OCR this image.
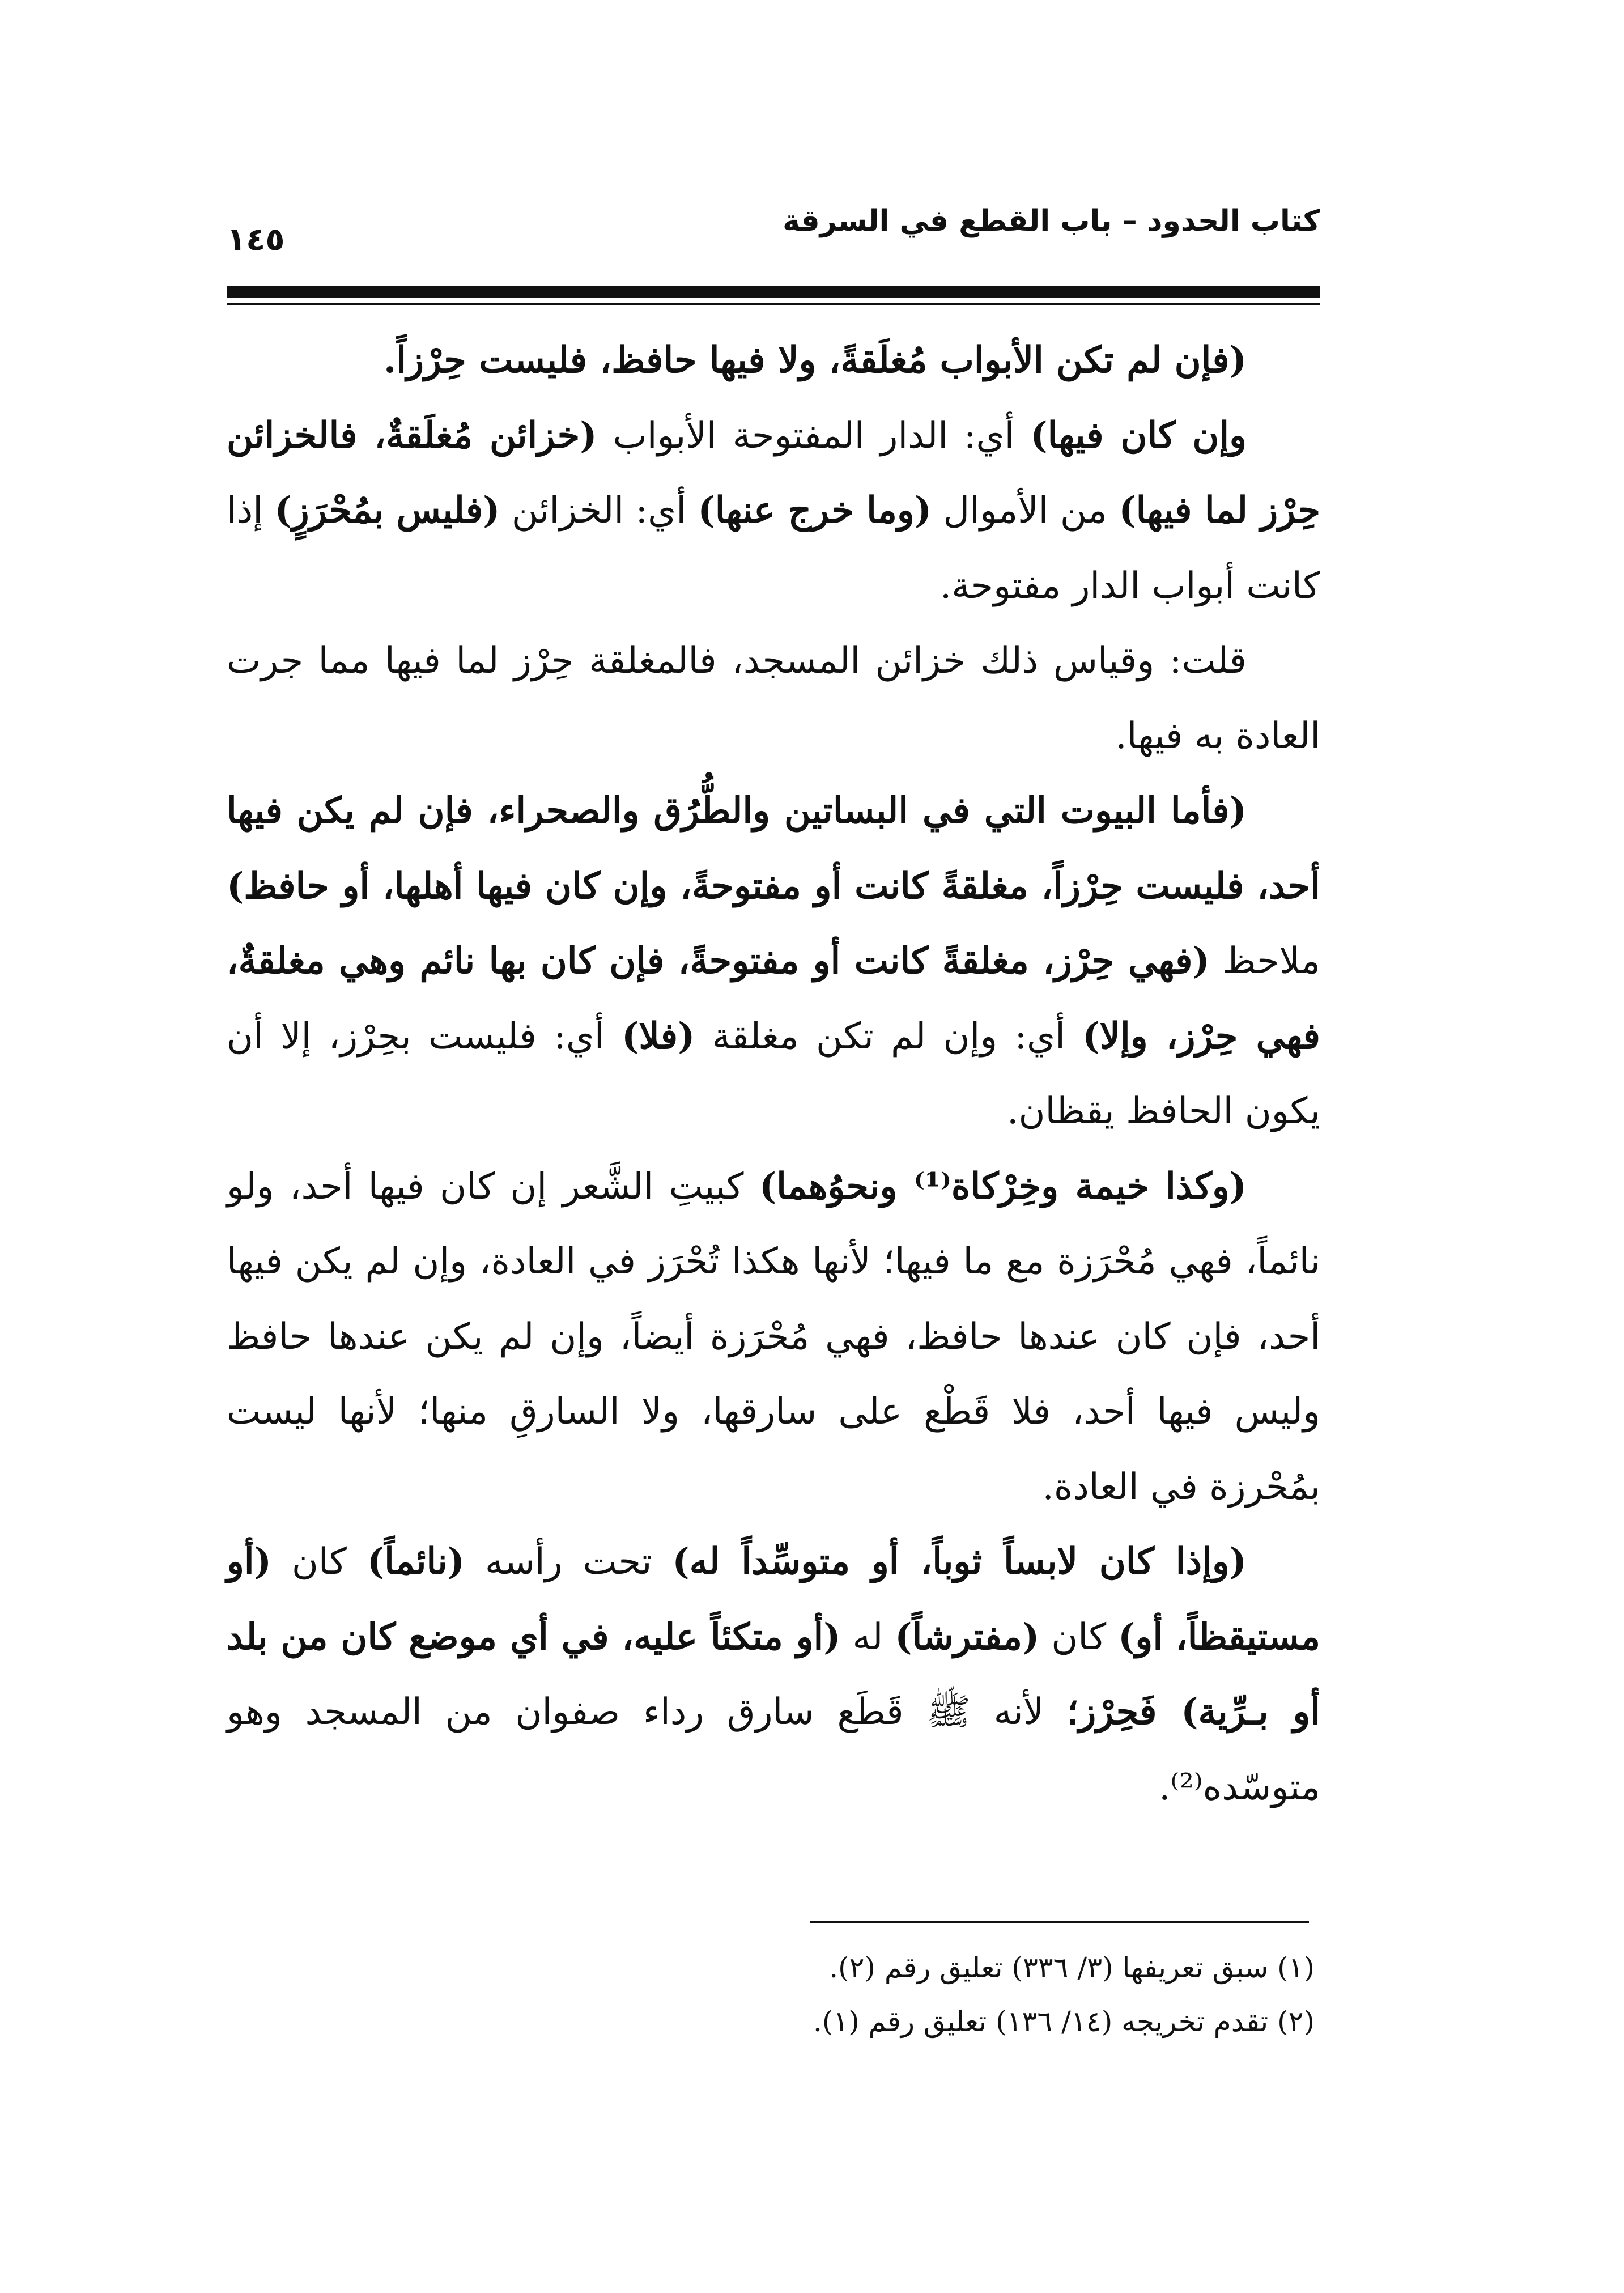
كتاب الحدود – باب القطع في السرقة
١٤٥

(فإن لم تكن الأبواب مُغلَقةً، ولا فيها حافظ، فليست حِرْزاً.

وإن كان فيها) أي: الدار المفتوحة الأبواب (خزائن مُغلَقةٌ، فالخزائن حِرْز لما فيها) من الأموال (وما خرج عنها) أي: الخزائن (فليس بمُحْرَزٍ) إذا كانت أبواب الدار مفتوحة.

قلت: وقياس ذلك خزائن المسجد، فالمغلقة حِرْز لما فيها مما جرت العادة به فيها.

(فأما البيوت التي في البساتين والطُّرُق والصحراء، فإن لم يكن فيها أحد، فليست حِرْزاً، مغلقةً كانت أو مفتوحةً، وإن كان فيها أهلها، أو حافظ) ملاحظ (فهي حِرْز، مغلقةً كانت أو مفتوحةً، فإن كان بها نائم وهي مغلقةٌ، فهي حِرْز، وإلا) أي: وإن لم تكن مغلقة (فلا) أي: فليست بحِرْز، إلا أن يكون الحافظ يقظان.

(وكذا خيمة وخِرْكاة⁽¹⁾ ونحوُهما) كبيتِ الشَّعر إن كان فيها أحد، ولو نائماً، فهي مُحْرَزة مع ما فيها؛ لأنها هكذا تُحْرَز في العادة، وإن لم يكن فيها أحد، فإن كان عندها حافظ، فهي مُحْرَزة أيضاً، وإن لم يكن عندها حافظ وليس فيها أحد، فلا قَطْع على سارقها، ولا السارقِ منها؛ لأنها ليست بمُحْرزة في العادة.

(وإذا كان لابساً ثوباً، أو متوسِّداً له) تحت رأسه (نائماً) كان (أو مستيقظاً، أو) كان (مفترشاً) له (أو متكئاً عليه، في أي موضع كان من بلد أو بـرِّية) فَحِرْز؛ لأنه ﷺ قَطَع سارق رداء صفوان من المسجد وهو متوسّده⁽²⁾.

(١) سبق تعريفها (٣/ ٣٣٦) تعليق رقم (٢).

(٢) تقدم تخريجه (١٤/ ١٣٦) تعليق رقم (١).
